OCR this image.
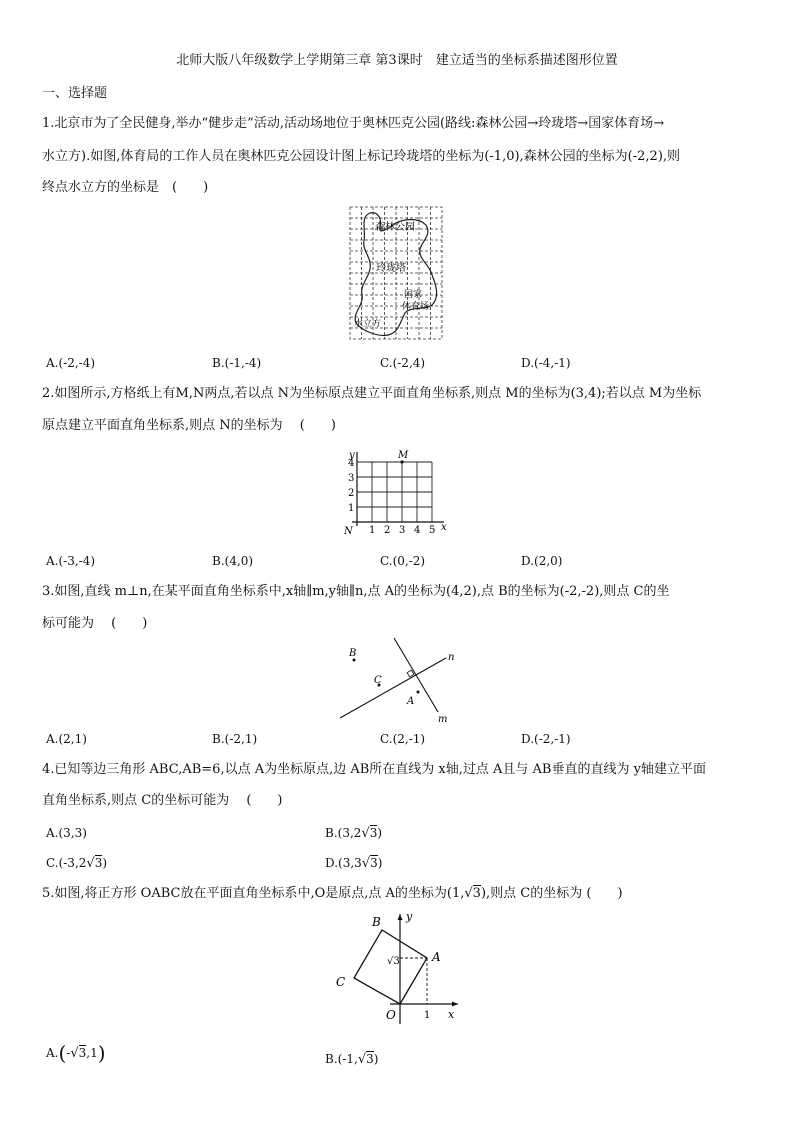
北师大版八年级数学上学期第三章 第3课时　建立适当的坐标系描述图形位置
一、选择题
1.北京市为了全民健身,举办“健步走”活动,活动场地位于奥林匹克公园(路线:森林公园→玲珑塔→国家体育场→
水立方).如图,体育局的工作人员在奥林匹克公园设计图上标记玲珑塔的坐标为(-1,0),森林公园的坐标为(-2,2),则
终点水立方的坐标是　(　　)
森林公园
玲珑塔
国家
体育场
水立方
A.(-2,-4)	B.(-1,-4)	C.(-2,4)	D.(-4,-1)
2.如图所示,方格纸上有M,N两点,若以点 N为坐标原点建立平面直角坐标系,则点 M的坐标为(3,4);若以点 M为坐标
原点建立平面直角坐标系,则点 N的坐标为　 (　　)
y
x
4
3
2
1
1 2 3 4 5
M
N
A.(-3,-4)	B.(4,0)	C.(0,-2)	D.(2,0)
3.如图,直线 m⊥n,在某平面直角坐标系中,x轴∥m,y轴∥n,点 A的坐标为(4,2),点 B的坐标为(-2,-2),则点 C的坐
标可能为　 (　　)
B
C
A
n
m
A.(2,1)	B.(-2,1)	C.(2,-1)	D.(-2,-1)
4.已知等边三角形 ABC,AB=6,以点 A为坐标原点,边 AB所在直线为 x轴,过点 A且与 AB垂直的直线为 y轴建立平面
直角坐标系,则点 C的坐标可能为　 (　　)
A.(3,3)	B.(3,2√3)
C.(-3,2√3)	D.(3,3√3)
5.如图,将正方形 OABC放在平面直角坐标系中,O是原点,点 A的坐标为(1,√3),则点 C的坐标为 (　　)
B y
A
C
√3
O	1 x
A.(-√3,1)	B.(-1,√3)
